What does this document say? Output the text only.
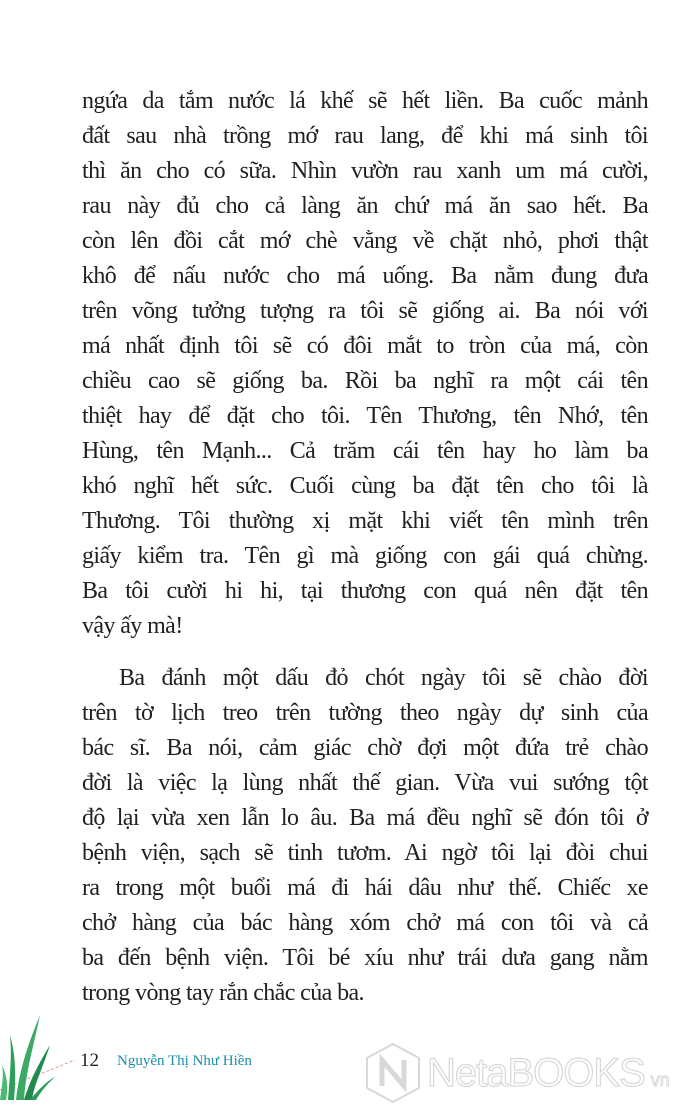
ngứa da tắm nước lá khế sẽ hết liền. Ba cuốc mảnh
đất sau nhà trồng mớ rau lang, để khi má sinh tôi
thì ăn cho có sữa. Nhìn vườn rau xanh um má cười,
rau này đủ cho cả làng ăn chứ má ăn sao hết. Ba
còn lên đồi cắt mớ chè vằng về chặt nhỏ, phơi thật
khô để nấu nước cho má uống. Ba nằm đung đưa
trên võng tưởng tượng ra tôi sẽ giống ai. Ba nói với
má nhất định tôi sẽ có đôi mắt to tròn của má, còn
chiều cao sẽ giống ba. Rồi ba nghĩ ra một cái tên
thiệt hay để đặt cho tôi. Tên Thương, tên Nhớ, tên
Hùng, tên Mạnh... Cả trăm cái tên hay ho làm ba
khó nghĩ hết sức. Cuối cùng ba đặt tên cho tôi là
Thương. Tôi thường xị mặt khi viết tên mình trên
giấy kiểm tra. Tên gì mà giống con gái quá chừng.
Ba tôi cười hi hi, tại thương con quá nên đặt tên
vậy ấy mà!
Ba đánh một dấu đỏ chót ngày tôi sẽ chào đời
trên tờ lịch treo trên tường theo ngày dự sinh của
bác sĩ. Ba nói, cảm giác chờ đợi một đứa trẻ chào
đời là việc lạ lùng nhất thế gian. Vừa vui sướng tột
độ lại vừa xen lẫn lo âu. Ba má đều nghĩ sẽ đón tôi ở
bệnh viện, sạch sẽ tinh tươm. Ai ngờ tôi lại đòi chui
ra trong một buổi má đi hái dâu như thế. Chiếc xe
chở hàng của bác hàng xóm chở má con tôi và cả
ba đến bệnh viện. Tôi bé xíu như trái dưa gang nằm
trong vòng tay rắn chắc của ba.
12 Nguyễn Thị Như Hiền	NetaBOOKS vn
